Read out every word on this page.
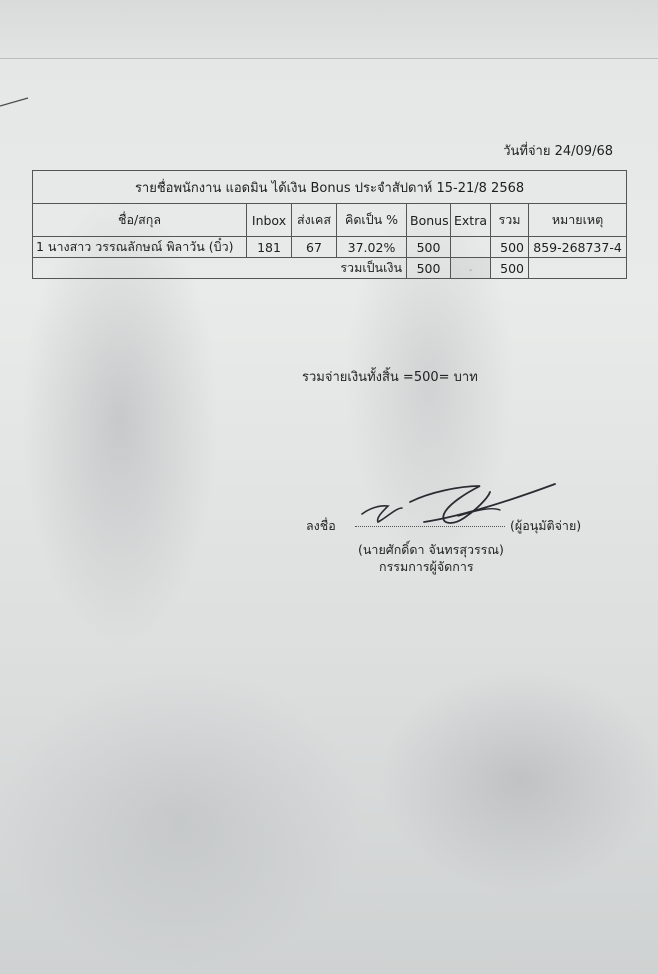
วันที่จ่าย 24/09/68
รายชื่อพนักงาน แอดมิน ได้เงิน Bonus ประจำสัปดาห์ 15-21/8 2568							
ชื่อ/สกุล	Inbox	ส่งเคส	คิดเป็น %	Bonus	Extra	รวม	หมายเหตุ
1 นางสาว วรรณลักษณ์ พิลาวัน (บิ๋ว)	181	67	37.02%	500		500	859-268737-4
รวมเป็นเงิน				500	-	500	
รวมจ่ายเงินทั้งสิ้น =500= บาท
ลงชื่อ	(ผู้อนุมัติจ่าย)
(นายศักดิ์ดา จันทรสุวรรณ)
กรรมการผู้จัดการ
